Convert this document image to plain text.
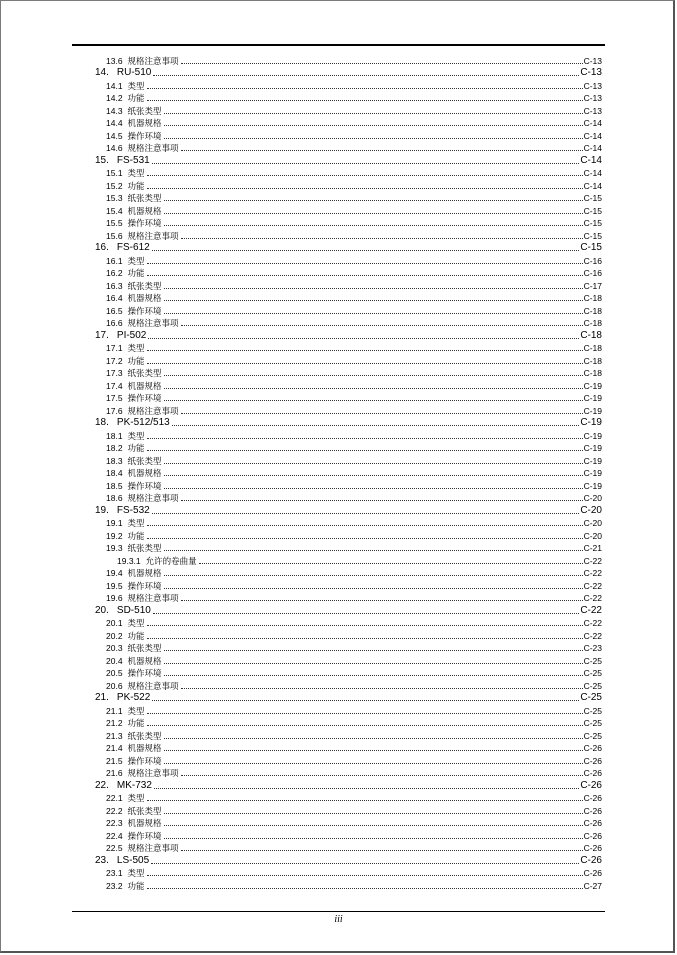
13.6 规格注意事项	C-13
14. RU-510	C-13
14.1 类型	C-13
14.2 功能	C-13
14.3 纸张类型	C-13
14.4 机器规格	C-14
14.5 操作环境	C-14
14.6 规格注意事项	C-14
15. FS-531	C-14
15.1 类型	C-14
15.2 功能	C-14
15.3 纸张类型	C-15
15.4 机器规格	C-15
15.5 操作环境	C-15
15.6 规格注意事项	C-15
16. FS-612	C-15
16.1 类型	C-16
16.2 功能	C-16
16.3 纸张类型	C-17
16.4 机器规格	C-18
16.5 操作环境	C-18
16.6 规格注意事项	C-18
17. PI-502	C-18
17.1 类型	C-18
17.2 功能	C-18
17.3 纸张类型	C-18
17.4 机器规格	C-19
17.5 操作环境	C-19
17.6 规格注意事项	C-19
18. PK-512/513	C-19
18.1 类型	C-19
18.2 功能	C-19
18.3 纸张类型	C-19
18.4 机器规格	C-19
18.5 操作环境	C-19
18.6 规格注意事项	C-20
19. FS-532	C-20
19.1 类型	C-20
19.2 功能	C-20
19.3 纸张类型	C-21
19.3.1 允许的卷曲量	C-22
19.4 机器规格	C-22
19.5 操作环境	C-22
19.6 规格注意事项	C-22
20. SD-510	C-22
20.1 类型	C-22
20.2 功能	C-22
20.3 纸张类型	C-23
20.4 机器规格	C-25
20.5 操作环境	C-25
20.6 规格注意事项	C-25
21. PK-522	C-25
21.1 类型	C-25
21.2 功能	C-25
21.3 纸张类型	C-25
21.4 机器规格	C-26
21.5 操作环境	C-26
21.6 规格注意事项	C-26
22. MK-732	C-26
22.1 类型	C-26
22.2 纸张类型	C-26
22.3 机器规格	C-26
22.4 操作环境	C-26
22.5 规格注意事项	C-26
23. LS-505	C-26
23.1 类型	C-26
23.2 功能	C-27
iii
